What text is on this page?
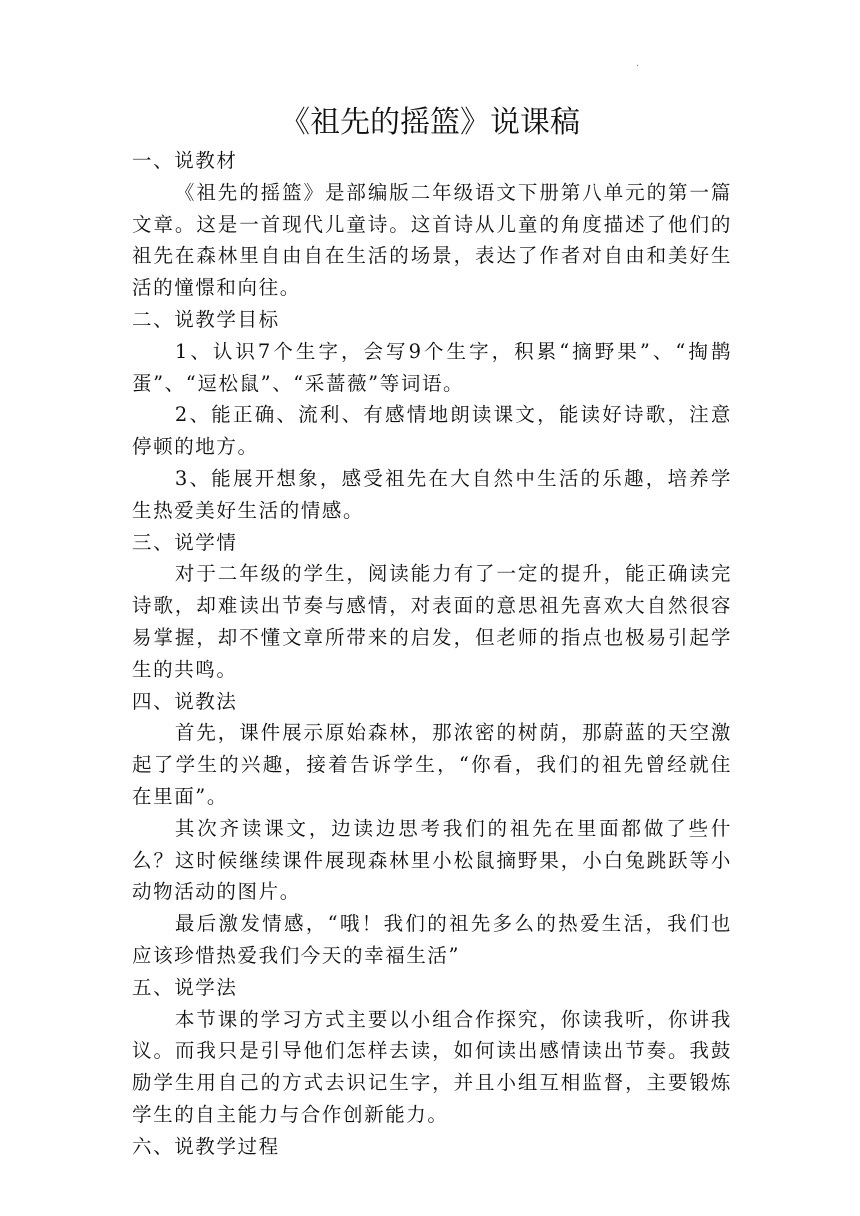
.
《祖先的摇篮》说课稿

一、说教材

《祖先的摇篮》是部编版二年级语文下册第八单元的第一篇文章。这是一首现代儿童诗。这首诗从儿童的角度描述了他们的祖先在森林里自由自在生活的场景，表达了作者对自由和美好生活的憧憬和向往。

二、说教学目标

1、认识7个生字，会写9个生字，积累“摘野果”、“掏鹊蛋”、“逗松鼠”、“采蔷薇”等词语。

2、能正确、流利、有感情地朗读课文，能读好诗歌，注意停顿的地方。

3、能展开想象，感受祖先在大自然中生活的乐趣，培养学生热爱美好生活的情感。

三、说学情

对于二年级的学生，阅读能力有了一定的提升，能正确读完诗歌，却难读出节奏与感情，对表面的意思祖先喜欢大自然很容易掌握，却不懂文章所带来的启发，但老师的指点也极易引起学生的共鸣。

四、说教法

首先，课件展示原始森林，那浓密的树荫，那蔚蓝的天空激起了学生的兴趣，接着告诉学生，“你看，我们的祖先曾经就住在里面”。

其次齐读课文，边读边思考我们的祖先在里面都做了些什么？这时候继续课件展现森林里小松鼠摘野果，小白兔跳跃等小动物活动的图片。

最后激发情感，“哦！我们的祖先多么的热爱生活，我们也应该珍惜热爱我们今天的幸福生活”

五、说学法

本节课的学习方式主要以小组合作探究，你读我听，你讲我议。而我只是引导他们怎样去读，如何读出感情读出节奏。我鼓励学生用自己的方式去识记生字，并且小组互相监督，主要锻炼学生的自主能力与合作创新能力。

六、说教学过程
